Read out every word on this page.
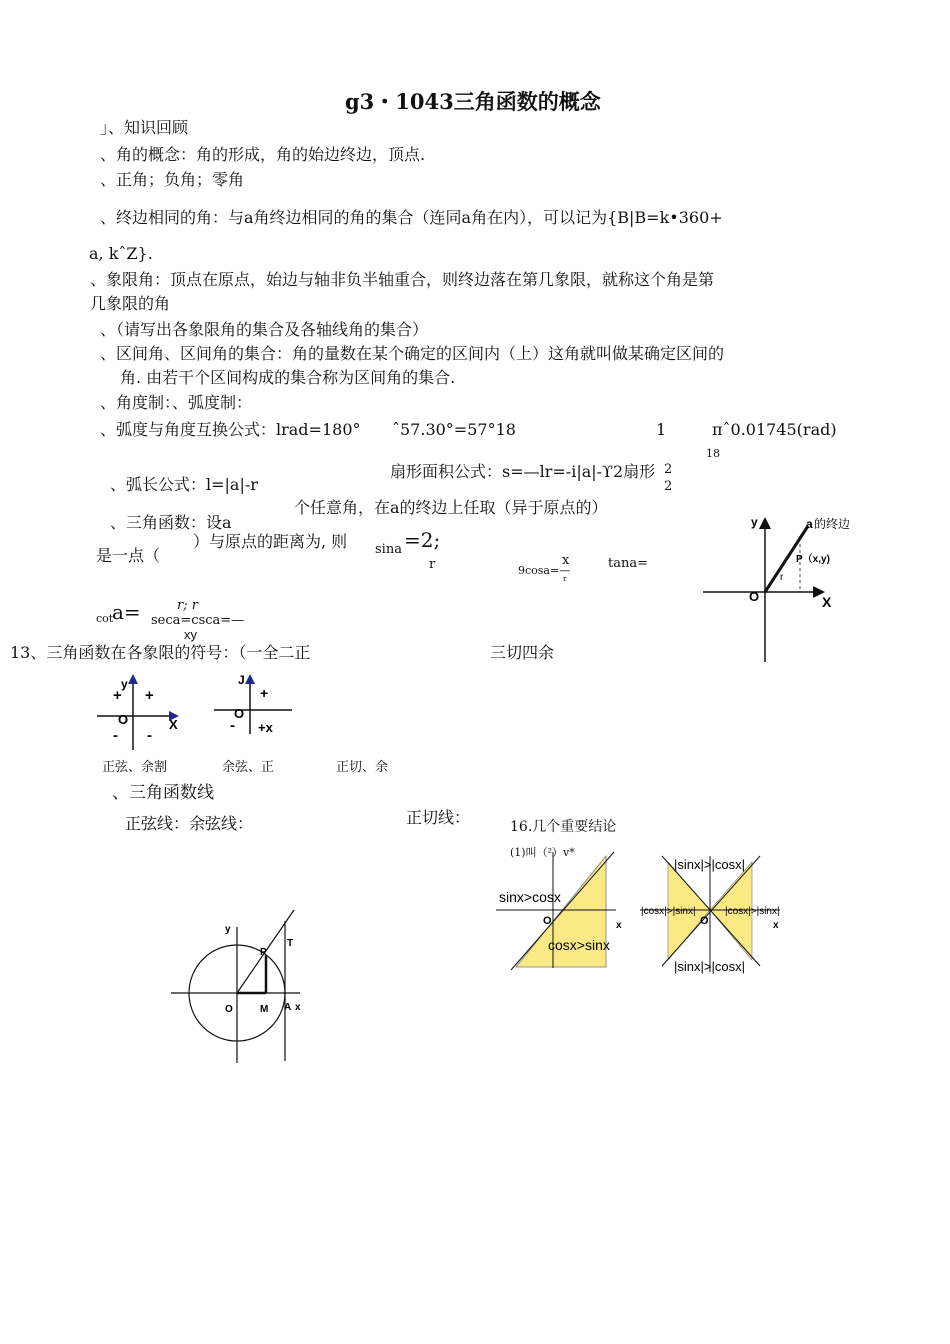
g3・1043三角函数的概念
」、知识回顾
、角的概念：角的形成，角的始边终边，顶点.
、正角；负角；零角
、终边相同的角：与a角终边相同的角的集合（连同a角在内），可以记为{B|B=k•360+
a, kˆZ}.
、象限角：顶点在原点，始边与轴非负半轴重合，则终边落在第几象限，就称这个角是第
几象限的角
、（请写出各象限角的集合及各轴线角的集合）
、区间角、区间角的集合：角的量数在某个确定的区间内（上）这角就叫做某确定区间的
角. 由若干个区间构成的集合称为区间角的集合.
、角度制：、弧度制：
、弧度与角度互换公式：lrad=180° ˆ57.30°=57°18	1	πˆ0.01745(rad)
18
、弧长公式：l=|a|-r
扇形面积公式：s=—lr=-i|a|-ϒ2扇形 2
2
个任意角，在a的终边上任取（异于原点的）
、三角函数：设a
是一点（
）与原点的距离为, 则 sina =2;
r	9cosa=—
x
r
tana=
cot
a=	r; r
seca=csca=—
xy
13、三角函数在各象限的符号：（一全二正	三切四余
y
X
O
a 的终边
P（x,y)
r
y
X
O
+ +
- -
J
O
+
- +x
正弦、余割	余弦、正	正切、余
、三角函数线
正弦线：余弦线：	正切线：	16.几个重要结论
(1)叫（²）v*
y
x
O	M A
P
T
sinx>cosx
cosx>sinx
O	x
|sinx|>|cosx|
|sinx|>|cosx|
|cosx|>|sinx|	|cosx|>|sinx|
O	x
